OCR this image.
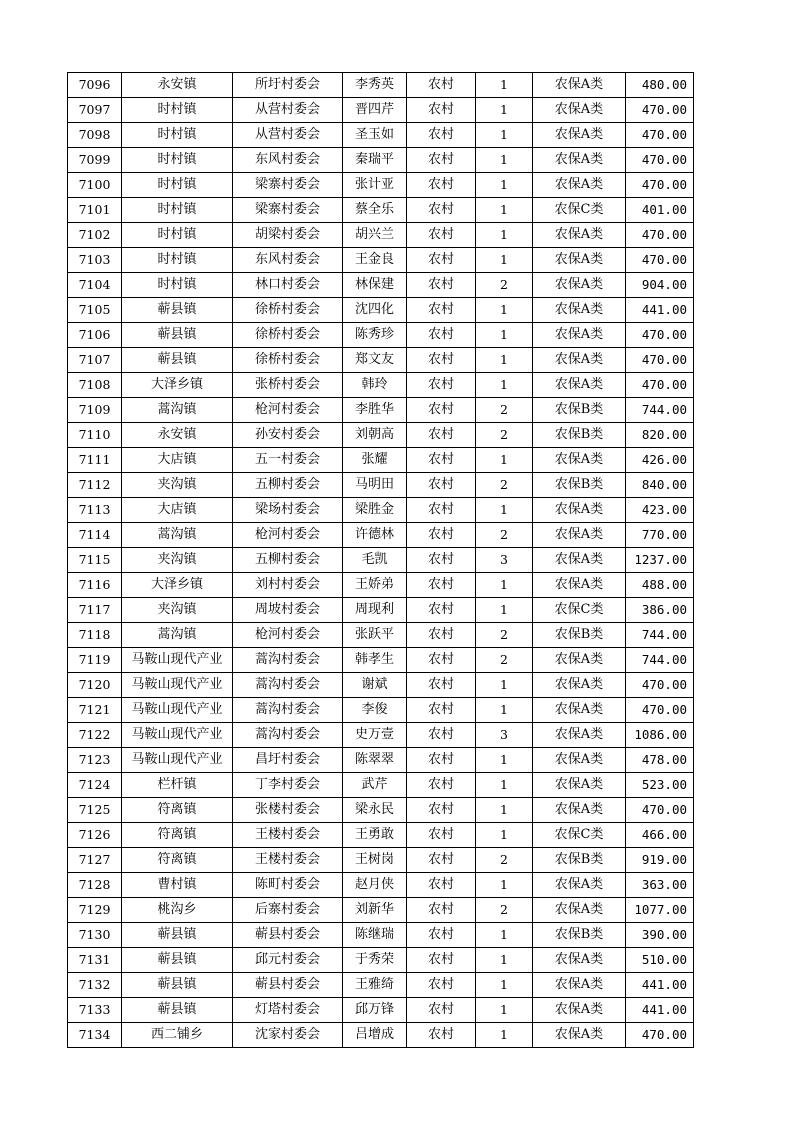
7096	永安镇	所圩村委会	李秀英	农村	1	农保A类	480.00
7097	时村镇	从营村委会	晋四芹	农村	1	农保A类	470.00
7098	时村镇	从营村委会	圣玉如	农村	1	农保A类	470.00
7099	时村镇	东风村委会	秦瑞平	农村	1	农保A类	470.00
7100	时村镇	梁寨村委会	张计亚	农村	1	农保A类	470.00
7101	时村镇	梁寨村委会	蔡全乐	农村	1	农保C类	401.00
7102	时村镇	胡梁村委会	胡兴兰	农村	1	农保A类	470.00
7103	时村镇	东风村委会	王金良	农村	1	农保A类	470.00
7104	时村镇	林口村委会	林保建	农村	2	农保A类	904.00
7105	蕲县镇	徐桥村委会	沈四化	农村	1	农保A类	441.00
7106	蕲县镇	徐桥村委会	陈秀珍	农村	1	农保A类	470.00
7107	蕲县镇	徐桥村委会	郑文友	农村	1	农保A类	470.00
7108	大泽乡镇	张桥村委会	韩玲	农村	1	农保A类	470.00
7109	蒿沟镇	枪河村委会	李胜华	农村	2	农保B类	744.00
7110	永安镇	孙安村委会	刘朝高	农村	2	农保B类	820.00
7111	大店镇	五一村委会	张耀	农村	1	农保A类	426.00
7112	夹沟镇	五柳村委会	马明田	农村	2	农保B类	840.00
7113	大店镇	梁场村委会	梁胜金	农村	1	农保A类	423.00
7114	蒿沟镇	枪河村委会	许德林	农村	2	农保A类	770.00
7115	夹沟镇	五柳村委会	毛凯	农村	3	农保A类	1237.00
7116	大泽乡镇	刘村村委会	王娇弟	农村	1	农保A类	488.00
7117	夹沟镇	周坡村委会	周现利	农村	1	农保C类	386.00
7118	蒿沟镇	枪河村委会	张跃平	农村	2	农保B类	744.00
7119	马鞍山现代产业	蒿沟村委会	韩孝生	农村	2	农保A类	744.00
7120	马鞍山现代产业	蒿沟村委会	谢斌	农村	1	农保A类	470.00
7121	马鞍山现代产业	蒿沟村委会	李俊	农村	1	农保A类	470.00
7122	马鞍山现代产业	蒿沟村委会	史万壹	农村	3	农保A类	1086.00
7123	马鞍山现代产业	昌圩村委会	陈翠翠	农村	1	农保A类	478.00
7124	栏杆镇	丁李村委会	武芹	农村	1	农保A类	523.00
7125	符离镇	张楼村委会	梁永民	农村	1	农保A类	470.00
7126	符离镇	王楼村委会	王勇敢	农村	1	农保C类	466.00
7127	符离镇	王楼村委会	王树岗	农村	2	农保B类	919.00
7128	曹村镇	陈町村委会	赵月侠	农村	1	农保A类	363.00
7129	桃沟乡	后寨村委会	刘新华	农村	2	农保A类	1077.00
7130	蕲县镇	蕲县村委会	陈继瑞	农村	1	农保B类	390.00
7131	蕲县镇	邱元村委会	于秀荣	农村	1	农保A类	510.00
7132	蕲县镇	蕲县村委会	王雅绮	农村	1	农保A类	441.00
7133	蕲县镇	灯塔村委会	邱万锋	农村	1	农保A类	441.00
7134	西二铺乡	沈家村委会	吕增成	农村	1	农保A类	470.00
